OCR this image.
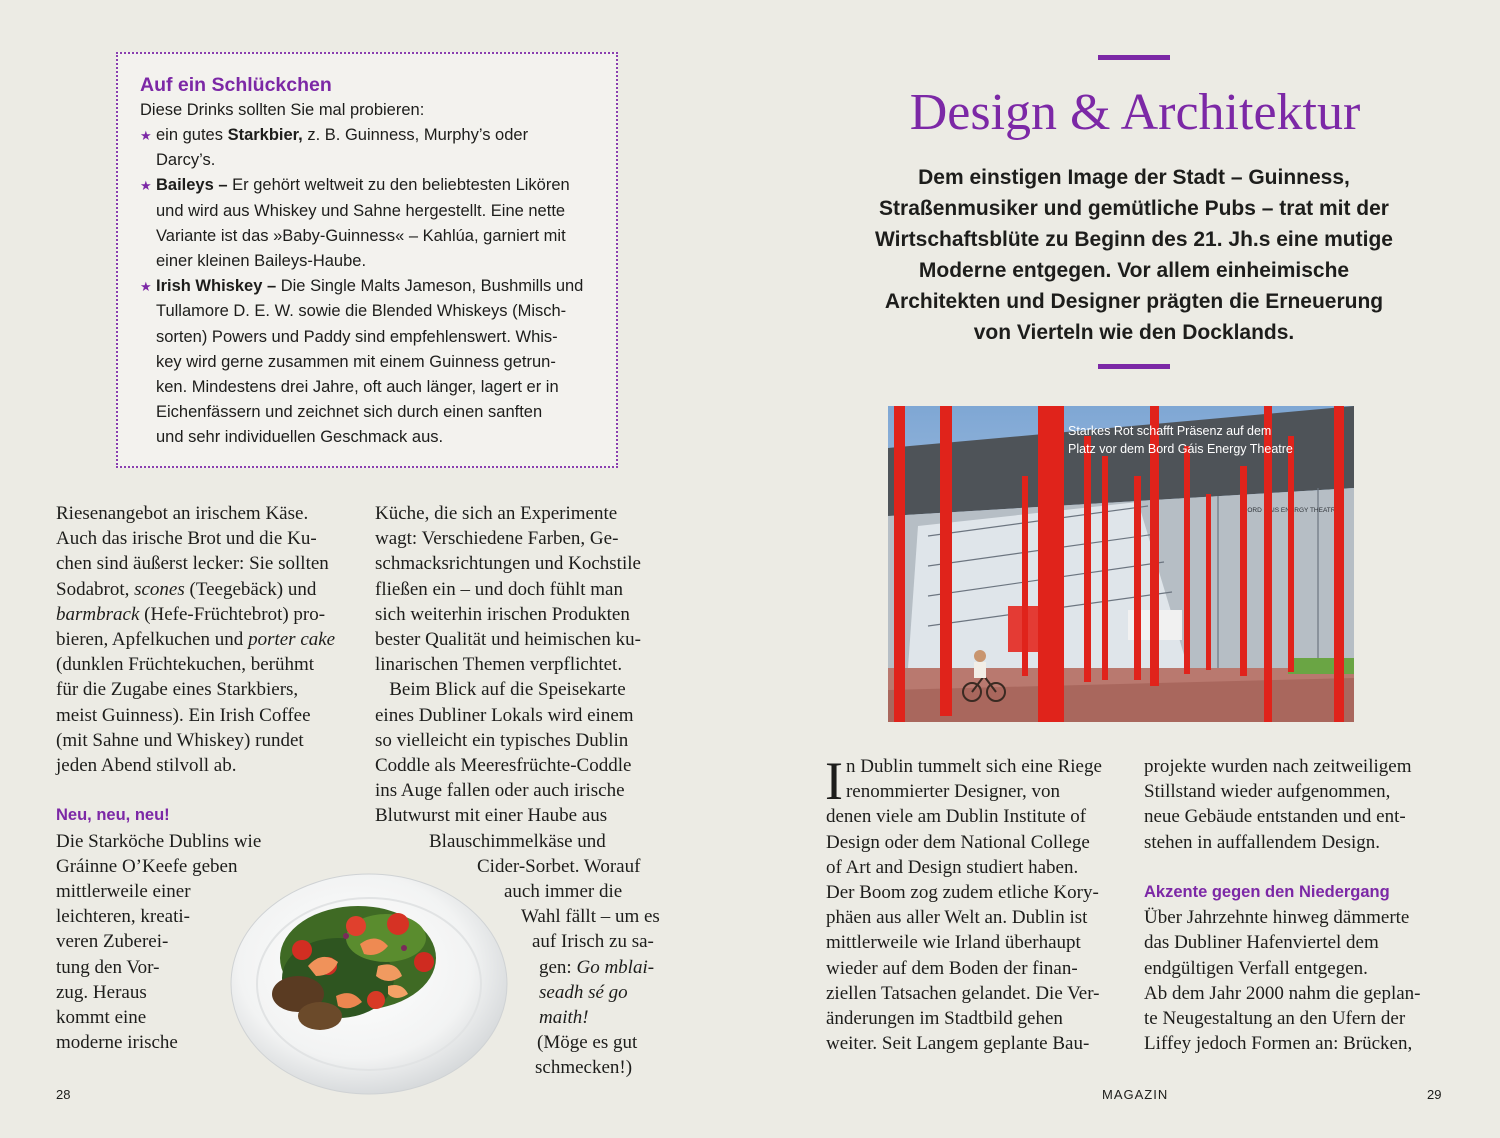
Auf ein Schlückchen

Diese Drinks sollten Sie mal probieren:

★ ein gutes Starkbier, z. B. Guinness, Murphy’s oder
Darcy’s.
★ Baileys – Er gehört weltweit zu den beliebtesten Likören
und wird aus Whiskey und Sahne hergestellt. Eine nette
Variante ist das »Baby-Guinness« – Kahlúa, garniert mit
einer kleinen Baileys-Haube.
★ Irish Whiskey – Die Single Malts Jameson, Bushmills und
Tullamore D. E. W. sowie die Blended Whiskeys (Misch-
sorten) Powers und Paddy sind empfehlenswert. Whis-
key wird gerne zusammen mit einem Guinness getrun-
ken. Mindestens drei Jahre, oft auch länger, lagert er in
Eichenfässern und zeichnet sich durch einen sanften
und sehr individuellen Geschmack aus.

Riesenangebot an irischem Käse.

Auch das irische Brot und die Ku-

chen sind äußerst lecker: Sie sollten

Sodabrot, scones (Teegebäck) und

barmbrack (Hefe-Früchtebrot) pro-

bieren, Apfelkuchen und porter cake

(dunklen Früchtekuchen, berühmt

für die Zugabe eines Starkbiers,

meist Guinness). Ein Irish Coffee

(mit Sahne und Whiskey) rundet

jeden Abend stilvoll ab.

Neu, neu, neu!

Die Starköche Dublins wie

Gráinne O’Keefe geben

mittlerweile einer

leichteren, kreati-

veren Zuberei-

tung den Vor-

zug. Heraus

kommt eine

moderne irische

Küche, die sich an Experimente

wagt: Verschiedene Farben, Ge-

schmacksrichtungen und Kochstile

fließen ein – und doch fühlt man

sich weiterhin irischen Produkten

bester Qualität und heimischen ku-

linarischen Themen verpflichtet.

Beim Blick auf die Speisekarte

eines Dubliner Lokals wird einem

so vielleicht ein typisches Dublin

Coddle als Meeresfrüchte-Coddle

ins Auge fallen oder auch irische

Blutwurst mit einer Haube aus

Blauschimmelkäse und

Cider-Sorbet. Worauf

auch immer die

Wahl fällt – um es

auf Irisch zu sa-

gen: Go mblai-

seadh sé go maith!

(Möge es gut

schmecken!)

28
Design & Architektur
Dem einstigen Image der Stadt – Guinness,
Straßenmusiker und gemütliche Pubs – trat mit der
Wirtschaftsblüte zu Beginn des 21. Jh.s eine mutige
Moderne entgegen. Vor allem einheimische
Architekten und Designer prägten die Erneuerung
von Vierteln wie den Docklands.
BORD ENERGY THEATRE
Starkes Rot schafft Präsenz auf dem
Platz vor dem Bord Gáis Energy Theatre
I n Dublin tummelt sich eine Riege

renommierter Designer, von

denen viele am Dublin Institute of

Design oder dem National College

of Art and Design studiert haben.

Der Boom zog zudem etliche Kory-

phäen aus aller Welt an. Dublin ist

mittlerweile wie Irland überhaupt

wieder auf dem Boden der finan-

ziellen Tatsachen gelandet. Die Ver-

änderungen im Stadtbild gehen

weiter. Seit Langem geplante Bau-

projekte wurden nach zeitweiligem

Stillstand wieder aufgenommen,

neue Gebäude entstanden und ent-

stehen in auffallendem Design.

Akzente gegen den Niedergang

Über Jahrzehnte hinweg dämmerte

das Dubliner Hafenviertel dem

endgültigen Verfall entgegen.

Ab dem Jahr 2000 nahm die geplan-

te Neugestaltung an den Ufern der

Liffey jedoch Formen an: Brücken,

MAGAZIN	29
